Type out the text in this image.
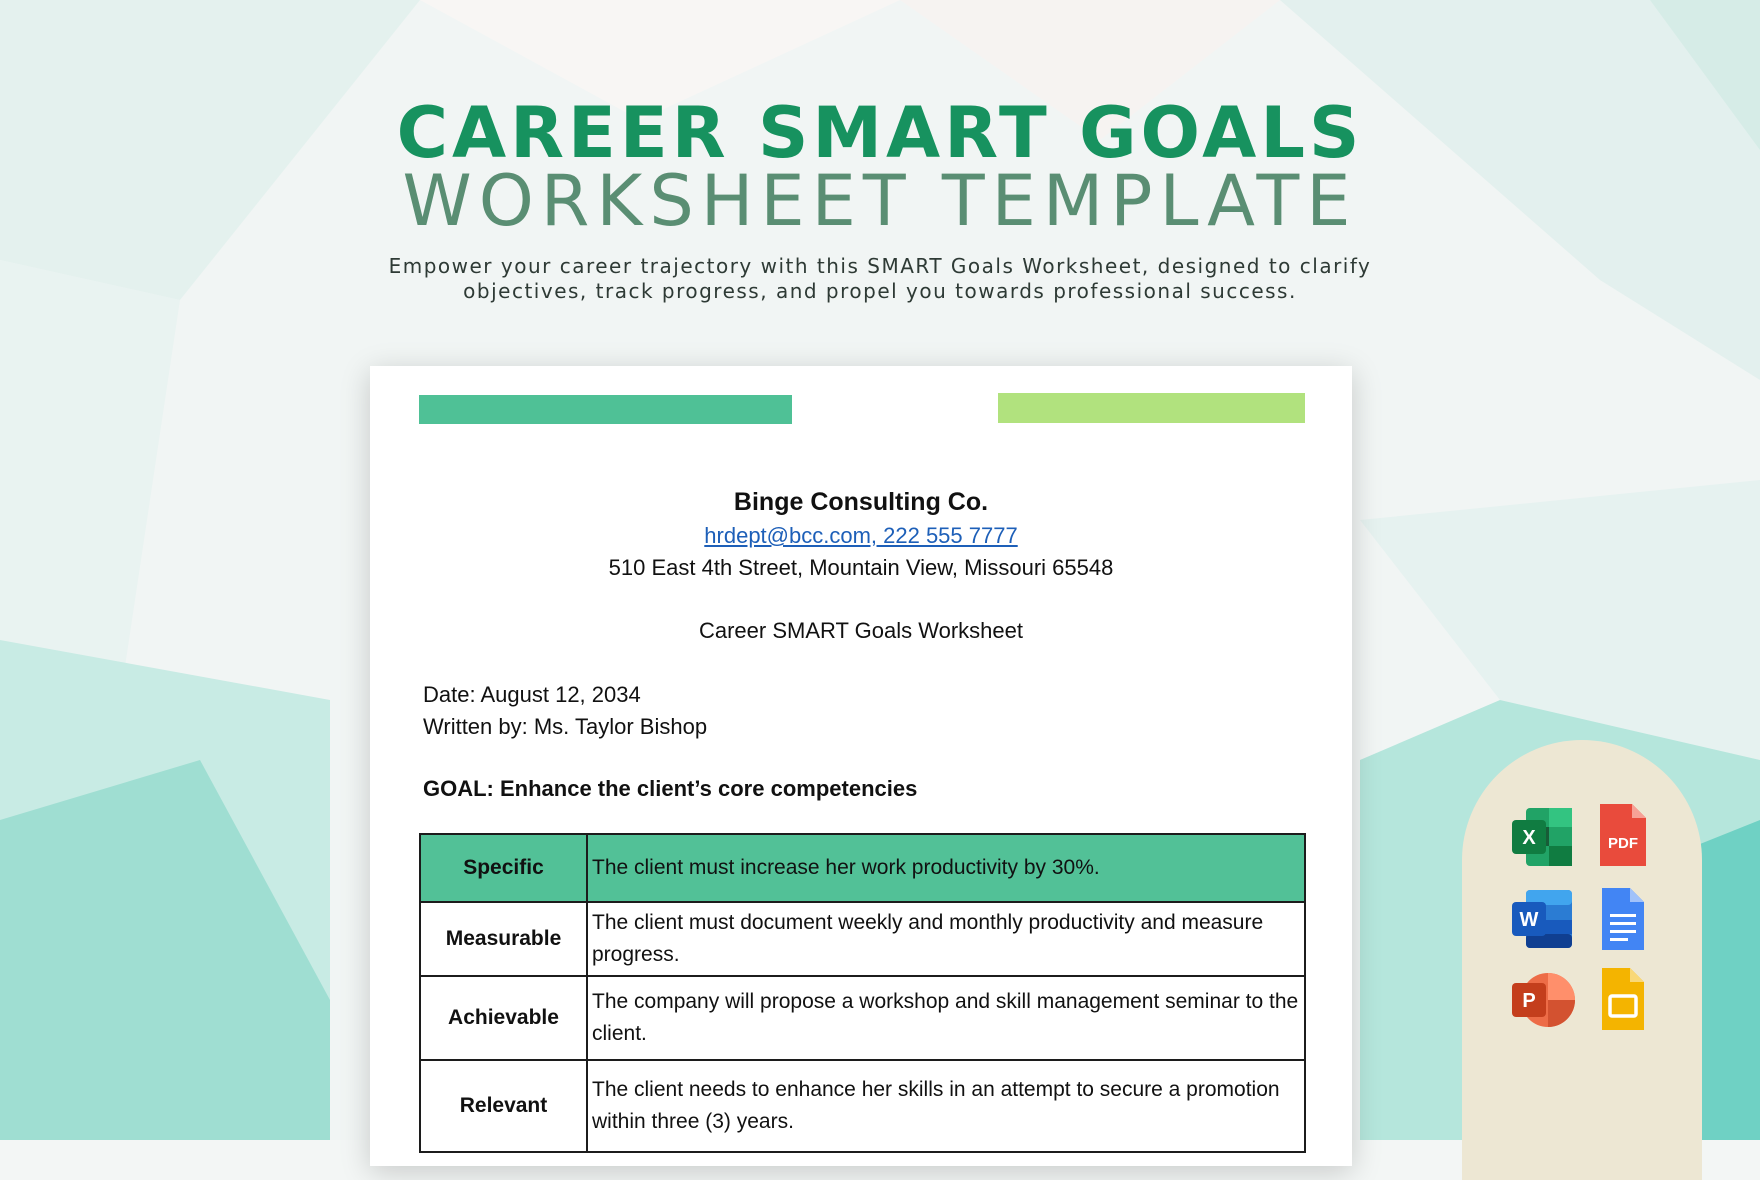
CAREER SMART GOALS
WORKSHEET TEMPLATE

Empower your career trajectory with this SMART Goals Worksheet, designed to clarify objectives, track progress, and propel you towards professional success.

Binge Consulting Co.
hrdept@bcc.com, 222 555 7777
510 East 4th Street, Mountain View, Missouri 65548
Career SMART Goals Worksheet
Date: August 12, 2034
Written by: Ms. Taylor Bishop
GOAL: Enhance the client’s core competencies
Specific	The client must increase her work productivity by 30%.
Measurable	The client must document weekly and monthly productivity and measure progress.
Achievable	The company will propose a workshop and skill management seminar to the client.
Relevant	The client needs to enhance her skills in an attempt to secure a promotion within three (3) years.
X	PDF
W
P
